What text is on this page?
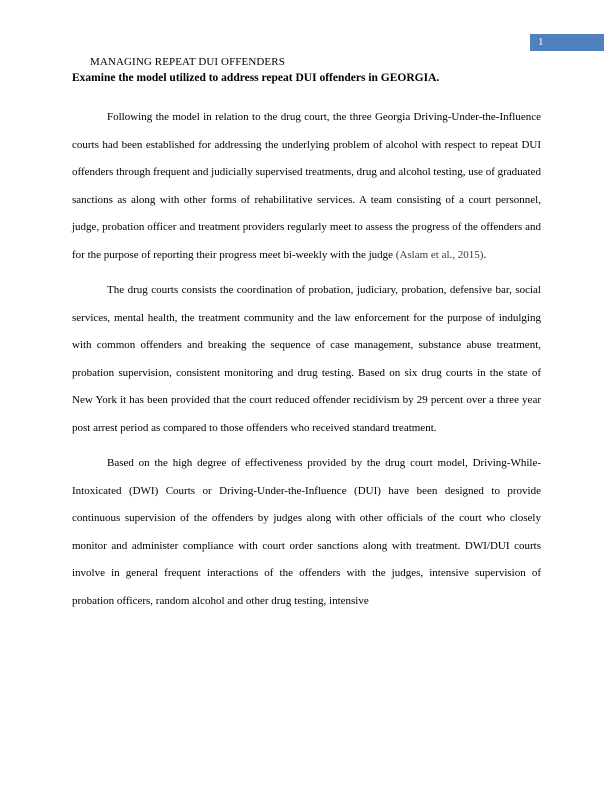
1
MANAGING REPEAT DUI OFFENDERS
Examine the model utilized to address repeat DUI offenders in GEORGIA.

Following the model in relation to the drug court, the three Georgia Driving-Under-the-Influence courts had been established for addressing the underlying problem of alcohol with respect to repeat DUI offenders through frequent and judicially supervised treatments, drug and alcohol testing, use of graduated sanctions as along with other forms of rehabilitative services. A team consisting of a court personnel, judge, probation officer and treatment providers regularly meet to assess the progress of the offenders and for the purpose of reporting their progress meet bi-weekly with the judge (Aslam et al., 2015).

The drug courts consists the coordination of probation, judiciary, probation, defensive bar, social services, mental health, the treatment community and the law enforcement for the purpose of indulging with common offenders and breaking the sequence of case management, substance abuse treatment, probation supervision, consistent monitoring and drug testing. Based on six drug courts in the state of New York it has been provided that the court reduced offender recidivism by 29 percent over a three year post arrest period as compared to those offenders who received standard treatment.

Based on the high degree of effectiveness provided by the drug court model, Driving-While-Intoxicated (DWI) Courts or Driving-Under-the-Influence (DUI) have been designed to provide continuous supervision of the offenders by judges along with other officials of the court who closely monitor and administer compliance with court order sanctions along with treatment. DWI/DUI courts involve in general frequent interactions of the offenders with the judges, intensive supervision of probation officers, random alcohol and other drug testing, intensive
